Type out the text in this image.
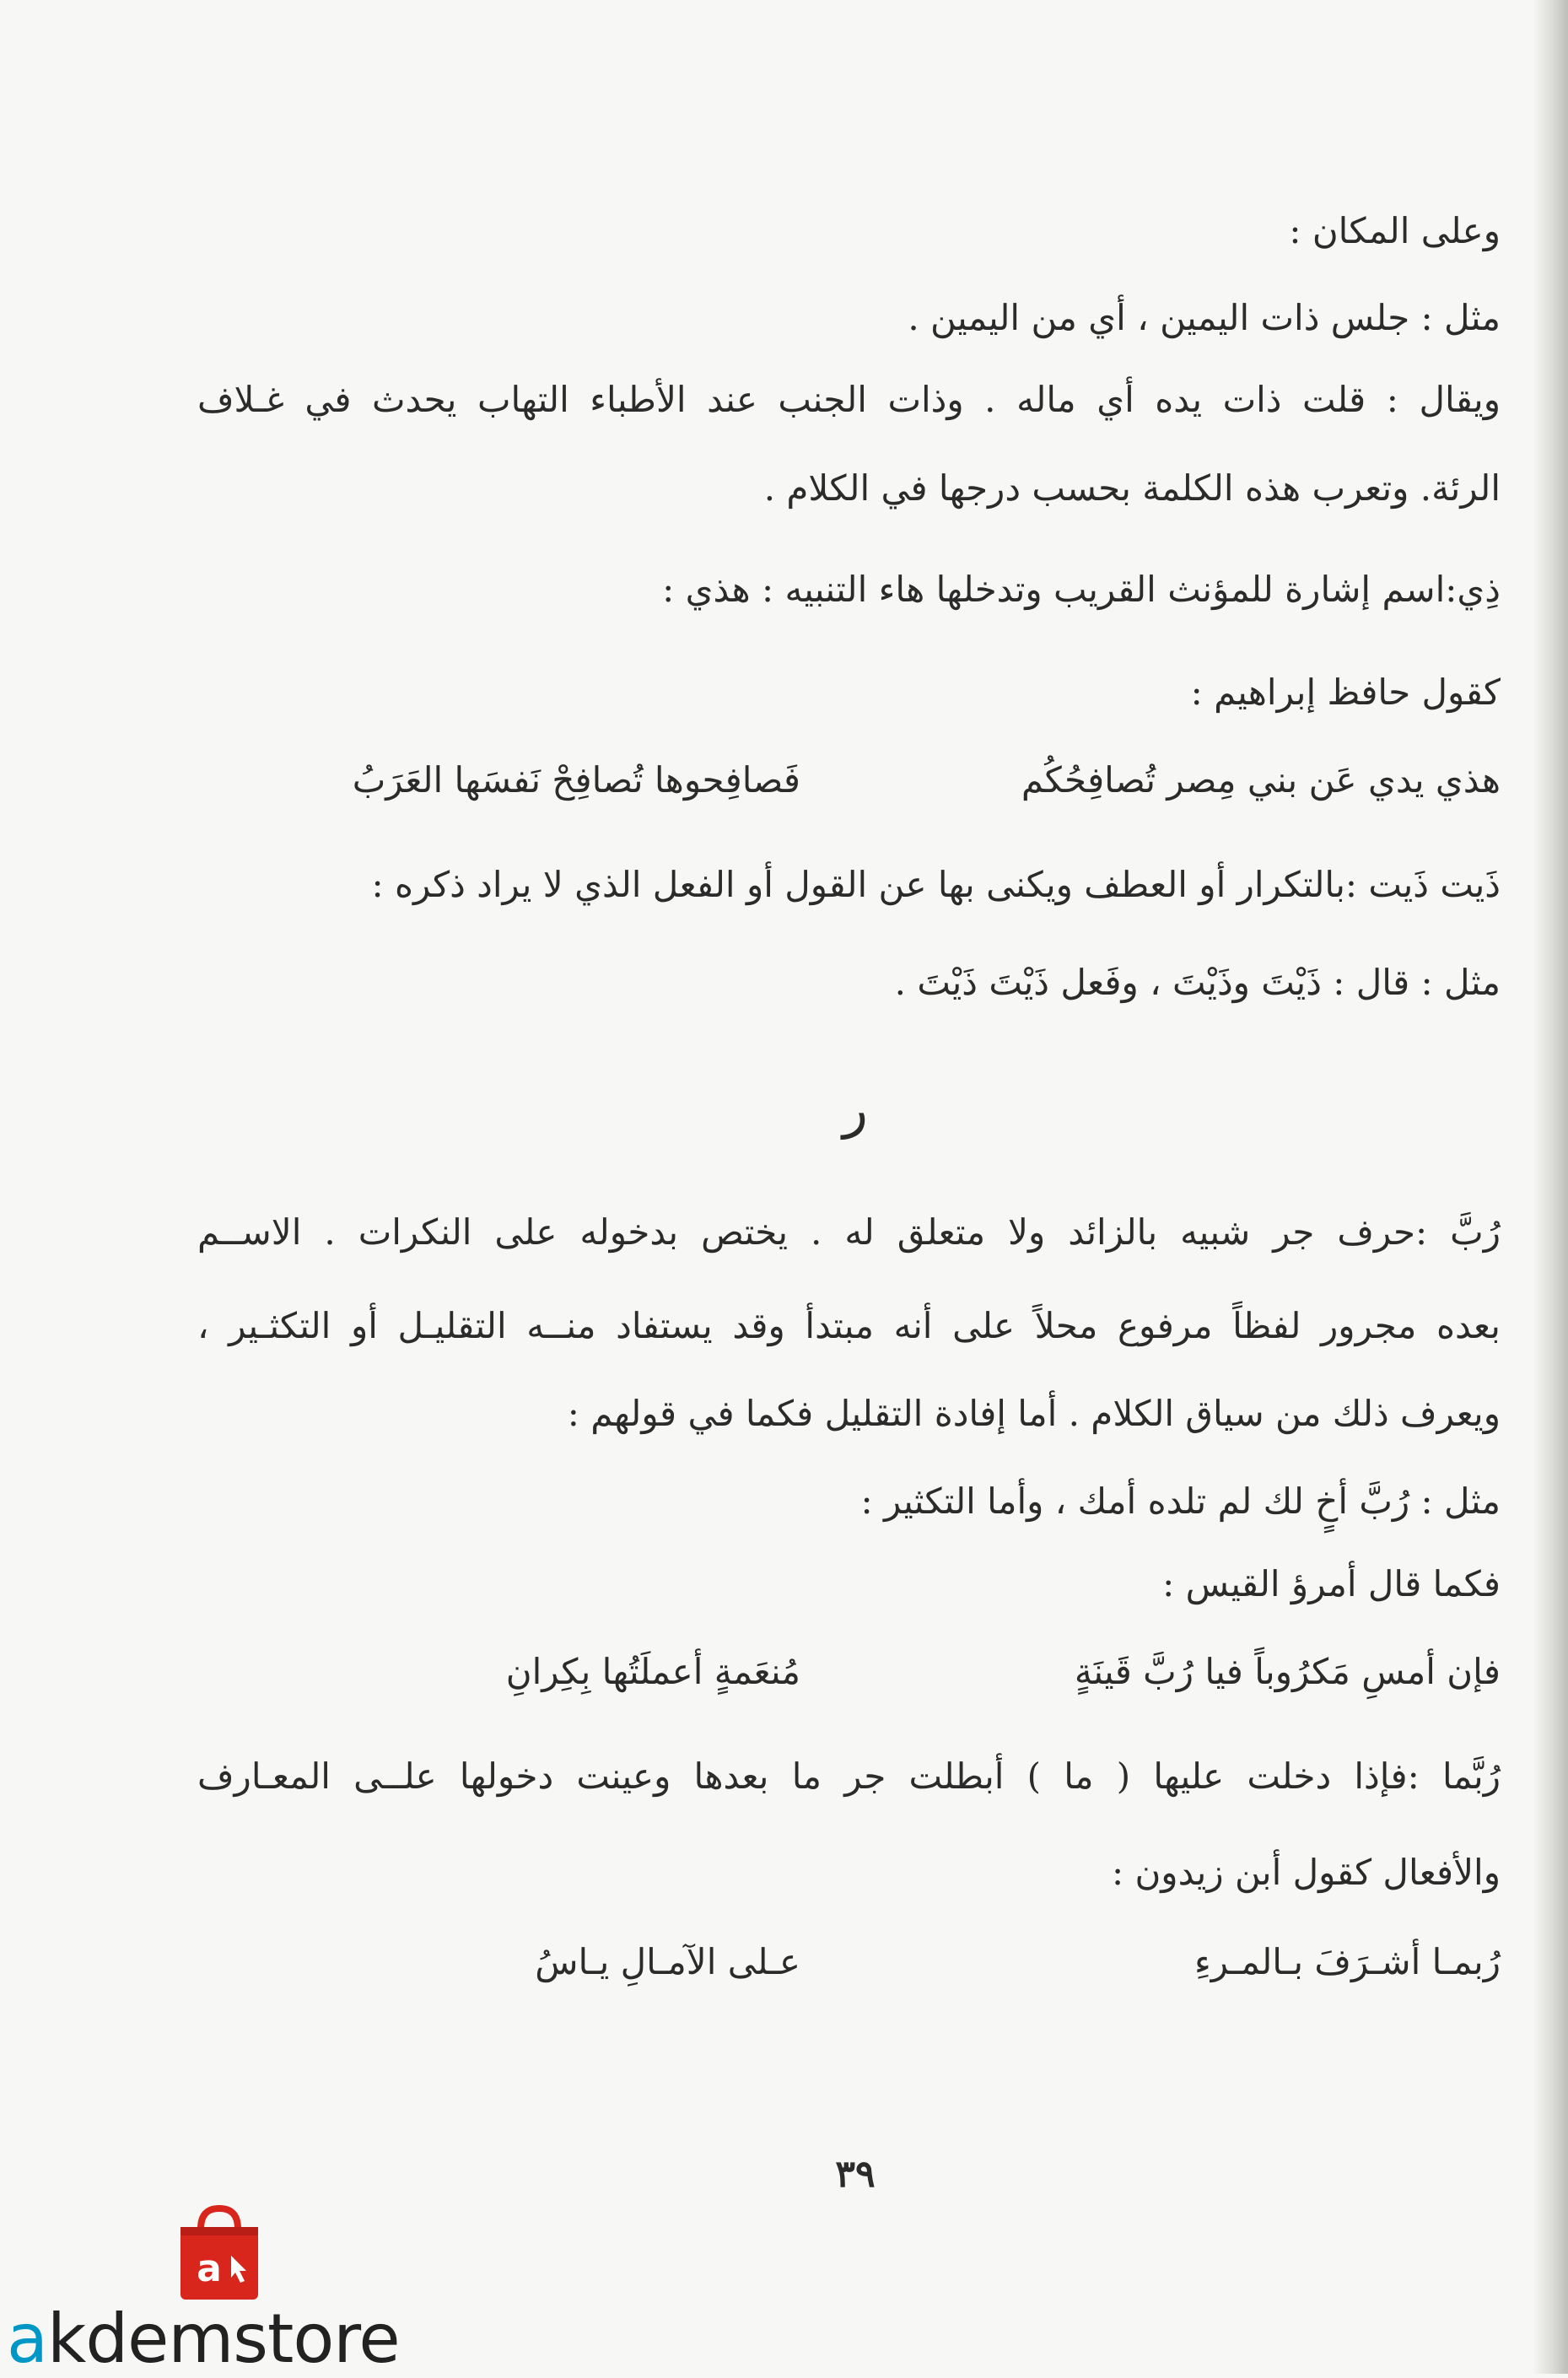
وعلى المكان :
مثل : جلس ذات اليمين ، أي من اليمين .
ويقال : قلت ذات يده أي ماله . وذات الجنب عند الأطباء التهاب يحدث في غـلاف
الرئة. وتعرب هذه الكلمة بحسب درجها في الكلام .
ذِي:اسم إشارة للمؤنث القريب وتدخلها هاء التنبيه : هذي :
كقول حافظ إبراهيم :
هذي يدي عَن بني مِصر تُصافِحُكُم
فَصافِحوها تُصافِحْ نَفسَها العَرَبُ
ذَيت ذَيت :بالتكرار أو العطف ويكنى بها عن القول أو الفعل الذي لا يراد ذكره :
مثل : قال : ذَيْتَ وذَيْتَ ، وفَعل ذَيْتَ ذَيْتَ .
ر
رُبَّ :حرف جر شبيه بالزائد ولا متعلق له . يختص بدخوله على النكرات . الاســم
بعده مجرور لفظاً مرفوع محلاً على أنه مبتدأ وقد يستفاد منــه التقليـل أو التكثـير ،
ويعرف ذلك من سياق الكلام . أما إفادة التقليل فكما في قولهم :
مثل : رُبَّ أخٍ لك لم تلده أمك ، وأما التكثير :
فكما قال أمرؤ القيس :
فإن أمسِ مَكرُوباً فيا رُبَّ قَينَةٍ
مُنعَمةٍ أعملَتُها بِكِرانِ
رُبَّما :فإذا دخلت عليها ( ما ) أبطلت جر ما بعدها وعينت دخولها علــى المعـارف
والأفعال كقول أبن زيدون :
رُبمـا أشـرَفَ بـالمـرءِ
عـلى الآمـالِ يـاسُ
٣٩
a
akdemstore
